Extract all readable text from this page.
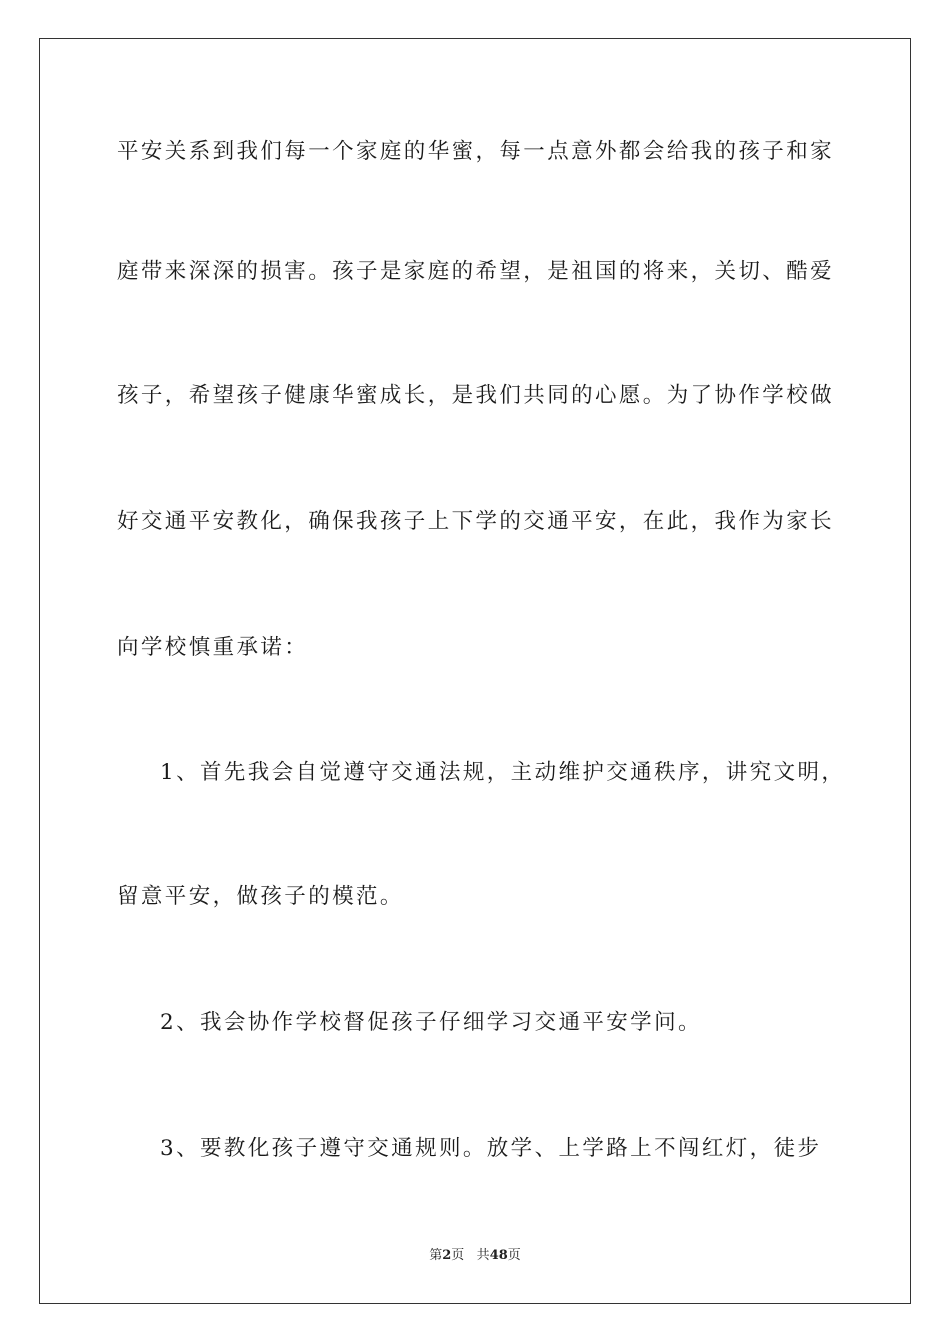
平安关系到我们每一个家庭的华蜜，每一点意外都会给我的孩子和家
庭带来深深的损害。孩子是家庭的希望，是祖国的将来，关切、酷爱
孩子，希望孩子健康华蜜成长，是我们共同的心愿。为了协作学校做
好交通平安教化，确保我孩子上下学的交通平安，在此，我作为家长
向学校慎重承诺：
1、首先我会自觉遵守交通法规，主动维护交通秩序，讲究文明，
留意平安，做孩子的模范。
2、我会协作学校督促孩子仔细学习交通平安学问。
3、要教化孩子遵守交通规则。放学、上学路上不闯红灯，徒步
第2页 共48页
